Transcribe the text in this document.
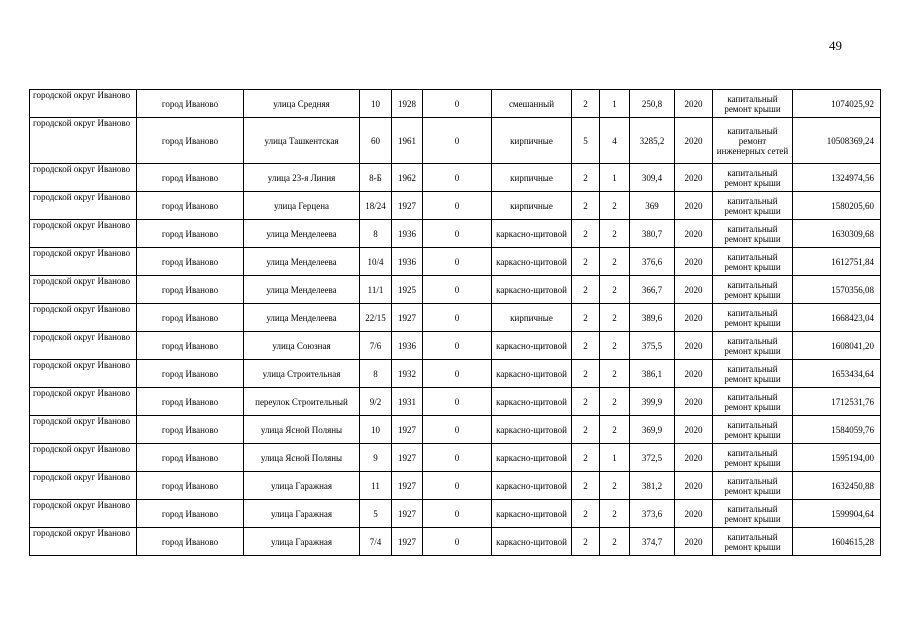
49
городской округ Иваново	город Иваново	улица Средняя	10	1928	0	смешанный	2	1	250,8	2020	капитальный ремонт крыши	1074025,92
городской округ Иваново	город Иваново	улица Ташкентская	60	1961	0	кирпичные	5	4	3285,2	2020	капитальный ремонт инженерных сетей	10508369,24
городской округ Иваново	город Иваново	улица 23-я Линия	8-Б	1962	0	кирпичные	2	1	309,4	2020	капитальный ремонт крыши	1324974,56
городской округ Иваново	город Иваново	улица Герцена	18/24	1927	0	кирпичные	2	2	369	2020	капитальный ремонт крыши	1580205,60
городской округ Иваново	город Иваново	улица Менделеева	8	1936	0	каркасно-щитовой	2	2	380,7	2020	капитальный ремонт крыши	1630309,68
городской округ Иваново	город Иваново	улица Менделеева	10/4	1936	0	каркасно-щитовой	2	2	376,6	2020	капитальный ремонт крыши	1612751,84
городской округ Иваново	город Иваново	улица Менделеева	11/1	1925	0	каркасно-щитовой	2	2	366,7	2020	капитальный ремонт крыши	1570356,08
городской округ Иваново	город Иваново	улица Менделеева	22/15	1927	0	кирпичные	2	2	389,6	2020	капитальный ремонт крыши	1668423,04
городской округ Иваново	город Иваново	улица Союзная	7/6	1936	0	каркасно-щитовой	2	2	375,5	2020	капитальный ремонт крыши	1608041,20
городской округ Иваново	город Иваново	улица Строительная	8	1932	0	каркасно-щитовой	2	2	386,1	2020	капитальный ремонт крыши	1653434,64
городской округ Иваново	город Иваново	переулок Строительный	9/2	1931	0	каркасно-щитовой	2	2	399,9	2020	капитальный ремонт крыши	1712531,76
городской округ Иваново	город Иваново	улица Ясной Поляны	10	1927	0	каркасно-щитовой	2	2	369,9	2020	капитальный ремонт крыши	1584059,76
городской округ Иваново	город Иваново	улица Ясной Поляны	9	1927	0	каркасно-щитовой	2	1	372,5	2020	капитальный ремонт крыши	1595194,00
городской округ Иваново	город Иваново	улица Гаражная	11	1927	0	каркасно-щитовой	2	2	381,2	2020	капитальный ремонт крыши	1632450,88
городской округ Иваново	город Иваново	улица Гаражная	5	1927	0	каркасно-щитовой	2	2	373,6	2020	капитальный ремонт крыши	1599904,64
городской округ Иваново	город Иваново	улица Гаражная	7/4	1927	0	каркасно-щитовой	2	2	374,7	2020	капитальный ремонт крыши	1604615,28
